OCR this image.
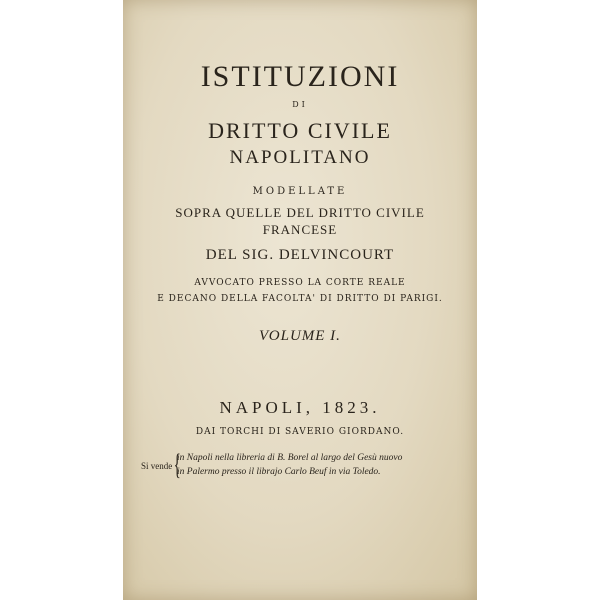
ISTITUZIONI
DI
DRITTO CIVILE
NAPOLITANO
MODELLATE
SOPRA QUELLE DEL DRITTO CIVILE
FRANCESE
DEL SIG. DELVINCOURT
AVVOCATO PRESSO LA CORTE REALE
E DECANO DELLA FACOLTA' DI DRITTO DI PARIGI.
VOLUME I.
NAPOLI, 1823.
DAI TORCHI DI SAVERIO GIORDANO.
Si vende {
in Napoli nella libreria di B. Borel al largo del Gesù nuovo
in Palermo presso il librajo Carlo Beuf in via Toledo.
